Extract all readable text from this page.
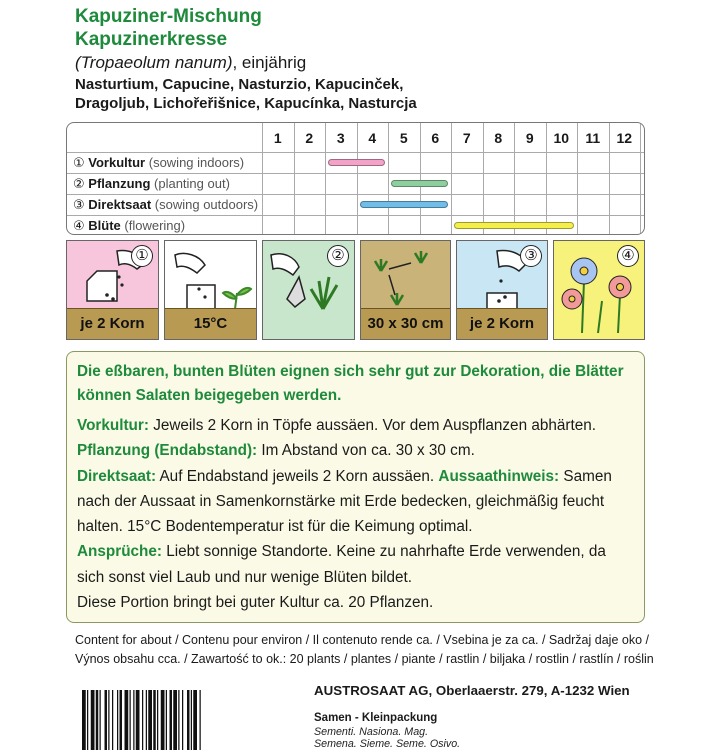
Kapuziner-Mischung
Kapuzinerkresse
(Tropaeolum nanum), einjährig
Nasturtium, Capucine, Nasturzio, Kapucinček,
Dragoljub, Lichořeřišnice, Kapucínka, Nasturcja
1	2	3	4	5	6	7	8	9	10	11	12
① Vorkultur (sowing indoors)
② Pflanzung (planting out)
③ Direktsaat (sowing outdoors)
④ Blüte (flowering)
①
je 2 Korn	15°C
②
30 x 30 cm
③
je 2 Korn
④
Die eßbaren, bunten Blüten eignen sich sehr gut zur Dekoration, die Blätter können Salaten beigegeben werden.
Vorkultur: Jeweils 2 Korn in Töpfe aussäen. Vor dem Auspflanzen abhärten.
Pflanzung (Endabstand): Im Abstand von ca. 30 x 30 cm.
Direktsaat: Auf Endabstand jeweils 2 Korn aussäen. Aussaathinweis: Samen nach der Aussaat in Samenkornstärke mit Erde bedecken, gleichmäßig feucht halten. 15°C Bodentemperatur ist für die Keimung optimal.
Ansprüche: Liebt sonnige Standorte. Keine zu nahrhafte Erde verwenden, da sich sonst viel Laub und nur wenige Blüten bildet.
Diese Portion bringt bei guter Kultur ca. 20 Pflanzen.
Content for about / Contenu pour environ / Il contenuto rende ca. / Vsebina je za ca. / Sadržaj daje oko /
Výnos obsahu cca. / Zawartość to ok.: 20 plants / plantes / piante / rastlin / biljaka / rostlin / rastlín / roślin
AUSTROSAAT AG, Oberlaaerstr. 279, A-1232 Wien
Samen - Kleinpackung
Sementi. Nasiona. Mag.
Semena. Sieme. Seme. Osivo.
